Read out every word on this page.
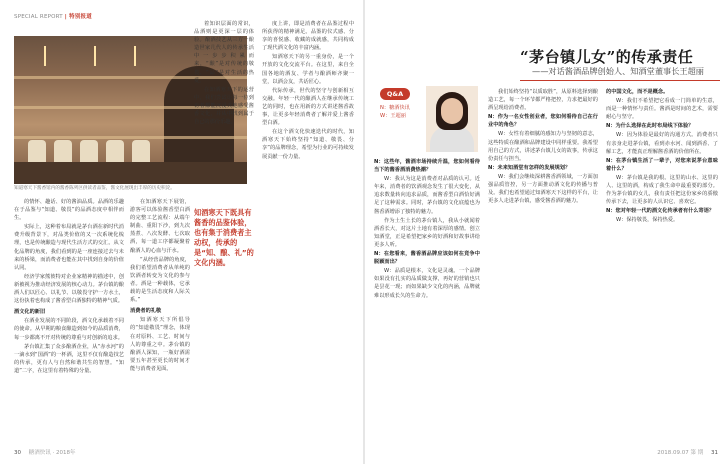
SPECIAL REPORT | 特别报道
知道寒天下酱香馆内的酱香陈列区供读者品鉴，酱文化展现出丰厚的历史积淀。

的情怀、趣话、好的酱油品质。品酒的乐趣在于品鉴与“知道、敬畏”的品酒态度中相伴而生。

实际上，这种着布局就是茅台酒在新时代消费升级背景下，对品类价值的又一次系统化梳理，也是传统酿造与现代生活方式的交汇。从文化品牌的角度，我们看到的是一座连接过去与未来的桥梁，而消费者也能在其中找到自身的价值认同。

经济学家熊彼特对企业家精神的描述中，创新被视为推动经济发展的核心动力。茅台镇的酿酒人们以匠心、以礼节、以敬畏守护一方水土，这份执着也构成了酱香型白酒独特的精神气质。

酒文化的新旧

在酒业发展的不同阶段，酒文化承载着不同的使命。从早期的粮食酿造到如今的品质消费，每一步都离不开对传统的尊重与对创新的追求。

茅台镇汇集了众多酿酒企业，从“赤水河”的一滴水到“国酒”的一杯酒，这里不仅有酿造技艺的传承，更有人与自然和谐共生的智慧。“知道”二字，在这里有着特殊的分量。

在知酒寒天下展馆，游客可以体验酱香型白酒的完整工艺流程：从端午制曲、重阳下沙，到九次蒸煮、八次发酵、七次取酒，每一道工序都凝聚着酿酒人的心血与汗水。

“从经营品牌的角度，我们希望消费者从单纯的饮酒者转变为文化的参与者。酒是一种载体，它承载的是生活态度和人际关系。”

消费者的礼敬

知酒寒天下所倡导的“知道敬畏”理念，体现在对原料、工艺、时间与人的尊重之中。茅台镇的酿酒人深知，一瓶好酒需要五年甚至更长的时间才能与消费者见面。

着知识层面的常识，品酒则是更深一层的体验。酿酒技艺从三方一酿造世家几代人的传承生活中一步步积累而来，“酿”是对传统的敬畏，“品”是对生活的热爱。

在知酒寒天下的运营中，我们尝试让每一位到访者都能沉浸式地感受酱香文化，并从中找到属于自己的那份乐趣。

知酒寒天下既具有酱香的品鉴体验，也有集于消费者主动权，传承的是“知、酿、礼”的文化内涵。

度上讲，即是消费者在品鉴过程中所获得的精神满足。品鉴的仪式感、分享的喜悦感、收藏的成就感，共同构成了现代酒文化的丰富内涵。

知酒寒天下的另一重身份，是一个开放的文化交流平台。在这里，来自全国各地的酒友、学者与酿酒师齐聚一堂，以酒会友，共话匠心。

代际传承，世代的坚守与创新相互交融。年轻一代的酿酒人在继承传统工艺的同时，也在用新的方式讲述酱香故事，让更多年轻消费者了解并爱上酱香型白酒。

在这个酒文化快速迭代的时代，知酒寒天下始终坚持“知道、敬畏、分享”的品牌理念，希望为行业的可持续发展贡献一份力量。

30 糖酒快讯 · 2018年
“茅台镇儿女”的传承责任
——对话酱酒品牌创始人、知酒堂董事长王超丽
Q&A
N：糖酒快讯
W：王超丽

N：这些年，酱酒市场持续升温，您如何看待当下的酱香酒消费热潮？

W：我认为这是消费者对品质的认可。近年来，消费者的饮酒观念发生了很大变化，从追求数量转向追求品质，而酱香型白酒恰好满足了这种需求。同时，茅台镇的文化底蕴也为酱香酒增添了独特的魅力。

作为土生土长的茅台镇人，我从小就闻着酒香长大，对这片土地有着深厚的感情。创立知酒堂，正是希望把家乡的好酒和好故事讲给更多人听。

N：在您看来，酱香酒品牌应该如何在竞争中脱颖而出？

W：品质是根本，文化是灵魂。一个品牌如果没有扎实的品质做支撑，再好的营销也只是昙花一现；而如果缺少文化的内涵，品牌就难以形成长久的生命力。

我们始终坚持“以质取胜”，从原料选择到酿造工艺，每一个环节都严格把控，力求把最好的酒呈现给消费者。

N：作为一名女性创业者，您如何看待自己在行业中的角色？

W：女性有着细腻的感知力与坚韧的意志，这些特质在酿酒和品牌建设中同样重要。我希望用自己的方式，讲述茅台镇儿女的故事，传承这份责任与担当。

N：未来知酒堂有怎样的发展规划？

W：我们会继续深耕酱香酒领域，一方面加强品质管控，另一方面推动酒文化的传播与普及。我们也希望通过知酒寒天下这样的平台，让更多人走进茅台镇，感受酱香酒的魅力。

的中国文化，而不是概念。

W：我们不希望把它看成一门简单的生意，而是一种情怀与责任。酱酒是时间的艺术，需要耐心与坚守。

N：为什么选择在此时布局线下体验？

W：因为体验是最好的沟通方式。消费者只有亲身走进茅台镇，看到赤水河、闻到酒香、了解工艺，才能真正理解酱香酒的价值所在。

N：在茅台镇生活了一辈子，对您来说茅台意味着什么？

W：茅台镇是我的根。这里的山水、这里的人、这里的酒，构成了我生命中最重要的部分。作为茅台镇的女儿，我有责任把这份家乡的骄傲传承下去，让更多的人认识它、喜欢它。

N：您对年轻一代的酒文化传承者有什么寄语？

W：保持敬畏，保持热爱。

2018.09.07 第 期 31
